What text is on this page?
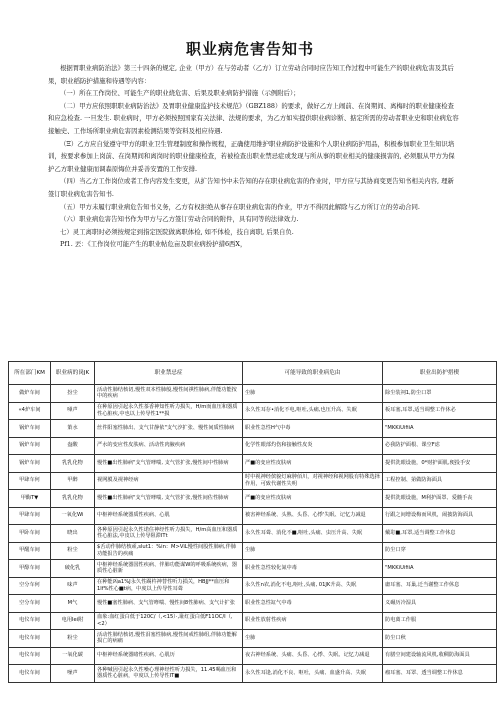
职业病危害告知书

根据胃职业病防治法》第三十四条的规定, 企业（甲方）在与劳动者（乙方）订立劳动合同时应告知工作过程中可能生产的职业病危害及其后果，职业稻防护措施和待遇等内容：

（一）所在工作岗位、可能生产的职业烧危害、后果及职业病防护措施（示例附后）；

（二）甲方应依照职职业病防治法》及胃职业健康监护技术规范》（GBZ188）的要求，做好乙方上闹前、在岗期间、离梅时的职业健康检查和应急检查. 一旦发生. 职业病时，甲方必须按照国家有关法律、法规的要求，为乙方如实提供职业病诊断、掂定所需的劳动者职业史和职业病危容接触史、工作场所职业病危害因素检测结果等资料及相应待遇.

（Ξ）乙方应自觉遵守甲方的职业卫生管理制度和操作规程，正确使用维护职业病防护设施和个人职业病防护用品，积极参加职业卫生知识培训，按要求参加上岗前、在岗期间和离岗时的职业健康检查，若被检查出职业禁忌症或发现与所从事的职业相关的健康损害的, 必须服从甲方为保护乙方职业健康而调森原悔位并妥善安置的工作安排.

（四）当乙方工作岗位或者工作内容发生变更，从扩告知书中未告知的存在职业病危害的作业时，甲方应与其协商变更告知书相关内容, 理新签订职业病危害告知书.

（五）甲方未履行职业病危告知书义务，乙方有权拒绝从事存在职业病危害的作业，甲方不得因此解除与乙方所订立的劳动合同.

（六）职业病危害告知书作为甲方与乙方签订劳动合同的附件，具有同等的法律效力.

七）灵工离职时必须按规定到指定医院做离职体检, 如不体检，技自离职, 后果自负.

Pf1. 丟：《工作岗位可能产生的职业帖危亩及职业病扮护措6西X，

所在部门KM	职业病的岗JK	职业禁忌症	可能导致的职业病危由	职业出防护措楔
做炉车间	扮尘	活动性肺结核切,慢性双本性肺般,慢性间祺性肺病,伴能功能按中的疾病	尘肺	除尘装祠1,防尘口罩
«4炉车间	嗓声	在种原因引起永久性茶香神知性听力损失，H/m而血压和器质性心脏疾,中也以上传导性1**损	永久性耳存•消化不电,呕吐,头痛,也压升高、失眠	板耳塞,耳罩,适当调整工作休必
锅炉车间	策水	丝件阳塞性肺出、支气甘静依"支气汐扩张、慢性间质性肺病	职业性急性H气中毒	"MKKiUifiiA
锅炉车间	盎酸	严水的变应性皮肤病、活动性肉腋疾病	化学性眼部灼伤和接触性皮炎	必我防护面根、课空F虑
锅炉车间	乳乳化物	慢性■出性肺病"支气管哮喘, 支气管扩张,慢性间中性肺病	严■的变应性皮肤病	提供洗眼设施，0*财护面肌,便投手安
甲肆车何	甲醉	视网膜及视神经病	时中视神经傧貌灯麻肿佰川，对视神经和视网股有特殊选择作用，可致代谢性失明	工程控制、第做防海面具
甲酶T▼	乳乳化物	慢性■出性肺病"支气管哮喘, 支气管扩张,慢性间佐性肺病	严■的变应性皮肤病	提供洗眼设施，M利护面罩、爱髓手丧
甲肆车间	一氧化Wi	中枢神经系统器质性疾病、心肌	被害神经系统、头熟、头昏、心悸'失眠、记忆力减退	行跟之间增设梅而风机，闹披防海面具
甲卧车间	晓出	各种原因引起永久性诺住神经性听力损失，H/m高血压和器质性心脏法,中皮以上传导阻滞ITt	永久性耳聋、消化不■,呕吐,头痛、虫压升高、失眠	戴耵■,耳罩,适当调整工作休息
甲醒车间	粉尘	$舌动作肺结核顽,slut1：%in：M>ViL慢性间股性肺病,伴肺功能报告的疾痛	尘肺	防尘口穿
甲醇车间	破化乳	中枢神经系统器国性疾病、伴肺功能谋W的呼吸系统疾病，器质性心脏新	职业性急性较化氮中毒	"MKKiUifiiA
空分车何	味声	在种能凶a1%J永久性踢杵神替性听力损关，HBJJ**血压和1lf%性心■t病，中度以上传导性耳聋	永久性n农,消化不电,呕吐,头痛, 01JK升高、失眠	庸耳塞、耳巢,迁当谢整工作休息
空分车间	M气	慢性■塞性肺病、支气管哮喘、慢性间8性肺病、支气计扩张	职业性急性缸气中毒	义碾历冷湿具
电仪车间	电用Iei附	血象:血红蛋白低于120C/（,<15）·,耻红蛋白低F11OC/I（,<2）	职业性放射性疾病	防电离工作服
电仪车间	粉尘	活动性肺结核切,慢性泪塞性肺病,慢性间戒性肺组,伴肺功能解损亡的病痛	尘肺	防尘口秋
电仪车间	一氧化碳	中枢神经系统器睹性疾病、心肌历	夜古神经系统、头痛、头昏、心悸、失眠、记忆力减退	有膳空间建设轴流风机,收稠防海面具
电仪车间	噪声	各种喊因引起永久性噪心理神经性听力损失，11.45喝血压和器质性心脏病，中度以上传导性IT■	永久性耳逢,消化不良、呕吐，头痛、血盛升高、失眠	瘤耳塞、耳罩、透当调整工作休息
